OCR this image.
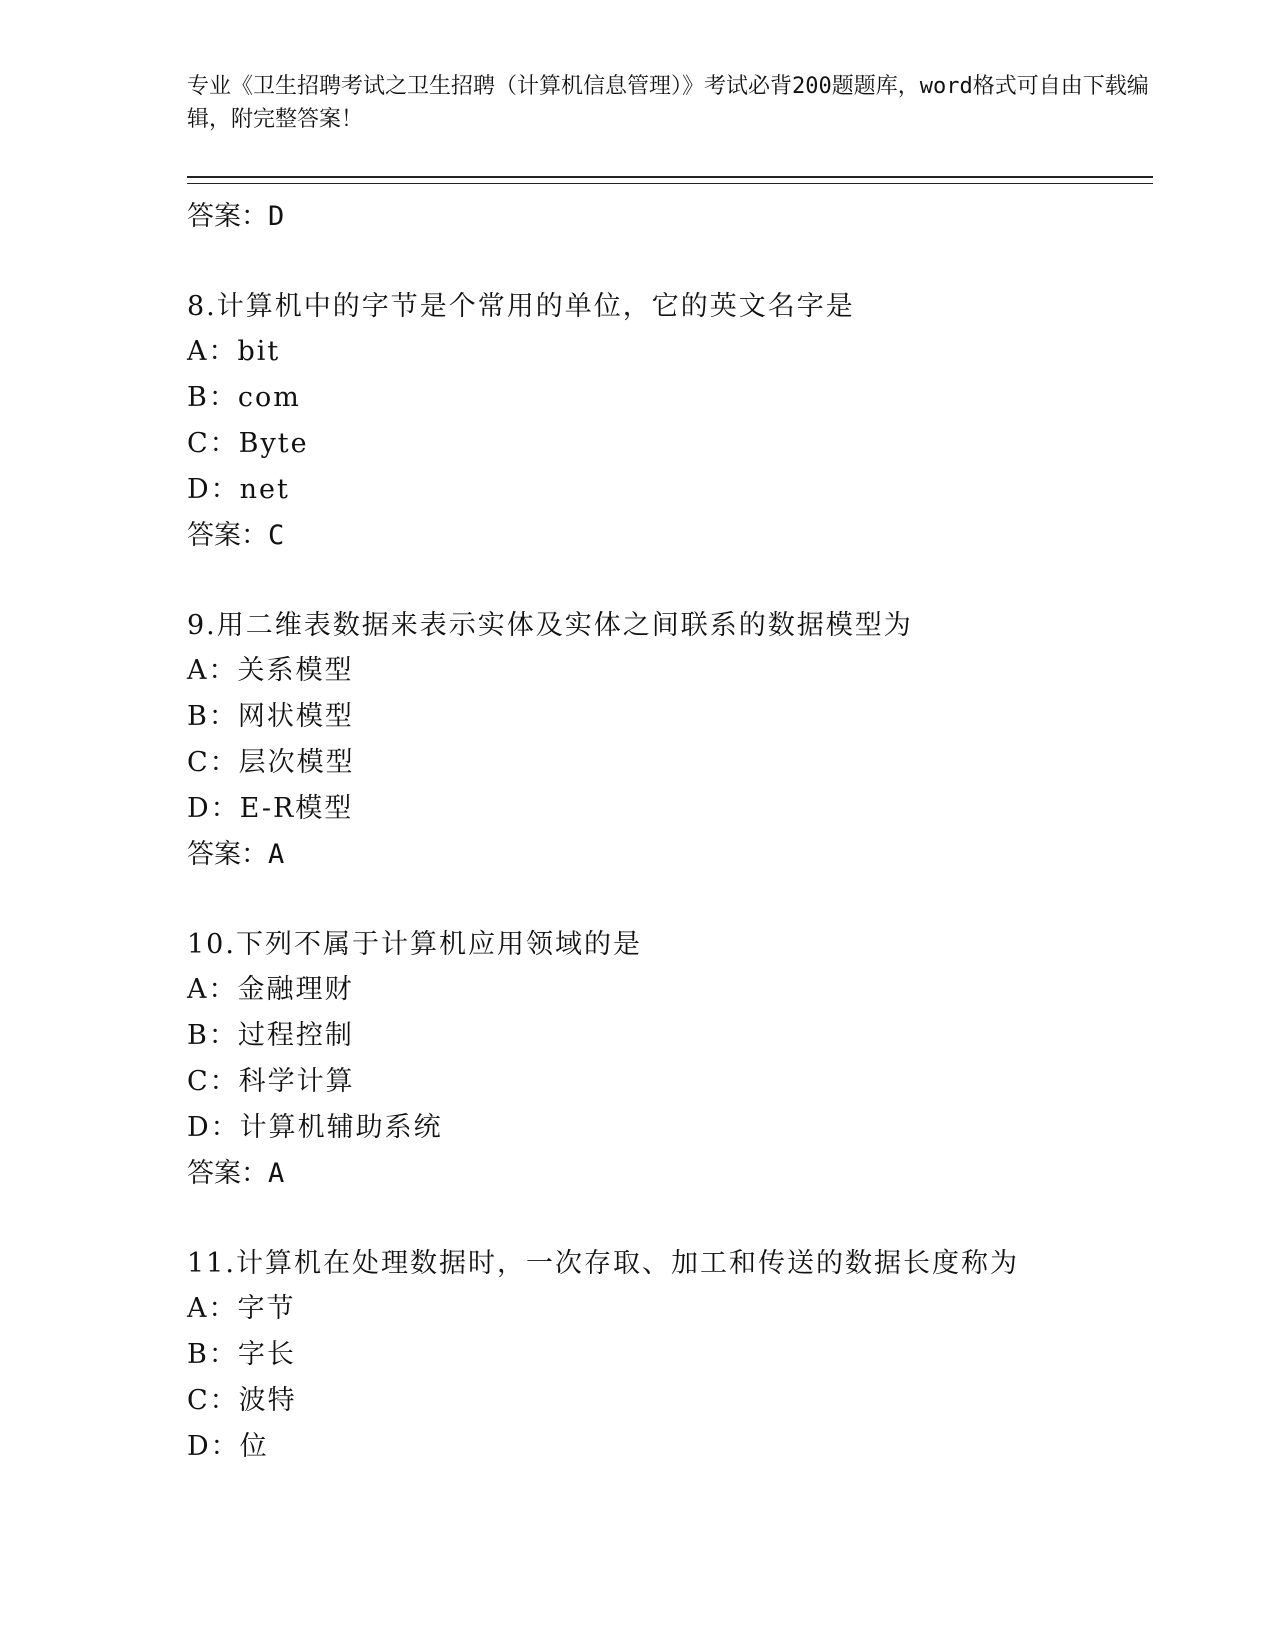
专业《卫生招聘考试之卫生招聘（计算机信息管理）》考试必背200题题库，word格式可自由下载编辑，附完整答案！

答案：D
8.计算机中的字节是个常用的单位，它的英文名字是
A：bit
B：com
C：Byte
D：net
答案：C
9.用二维表数据来表示实体及实体之间联系的数据模型为
A：关系模型
B：网状模型
C：层次模型
D：E-R模型
答案：A
10.下列不属于计算机应用领域的是
A：金融理财
B：过程控制
C：科学计算
D：计算机辅助系统
答案：A
11.计算机在处理数据时，一次存取、加工和传送的数据长度称为
A：字节
B：字长
C：波特
D：位
